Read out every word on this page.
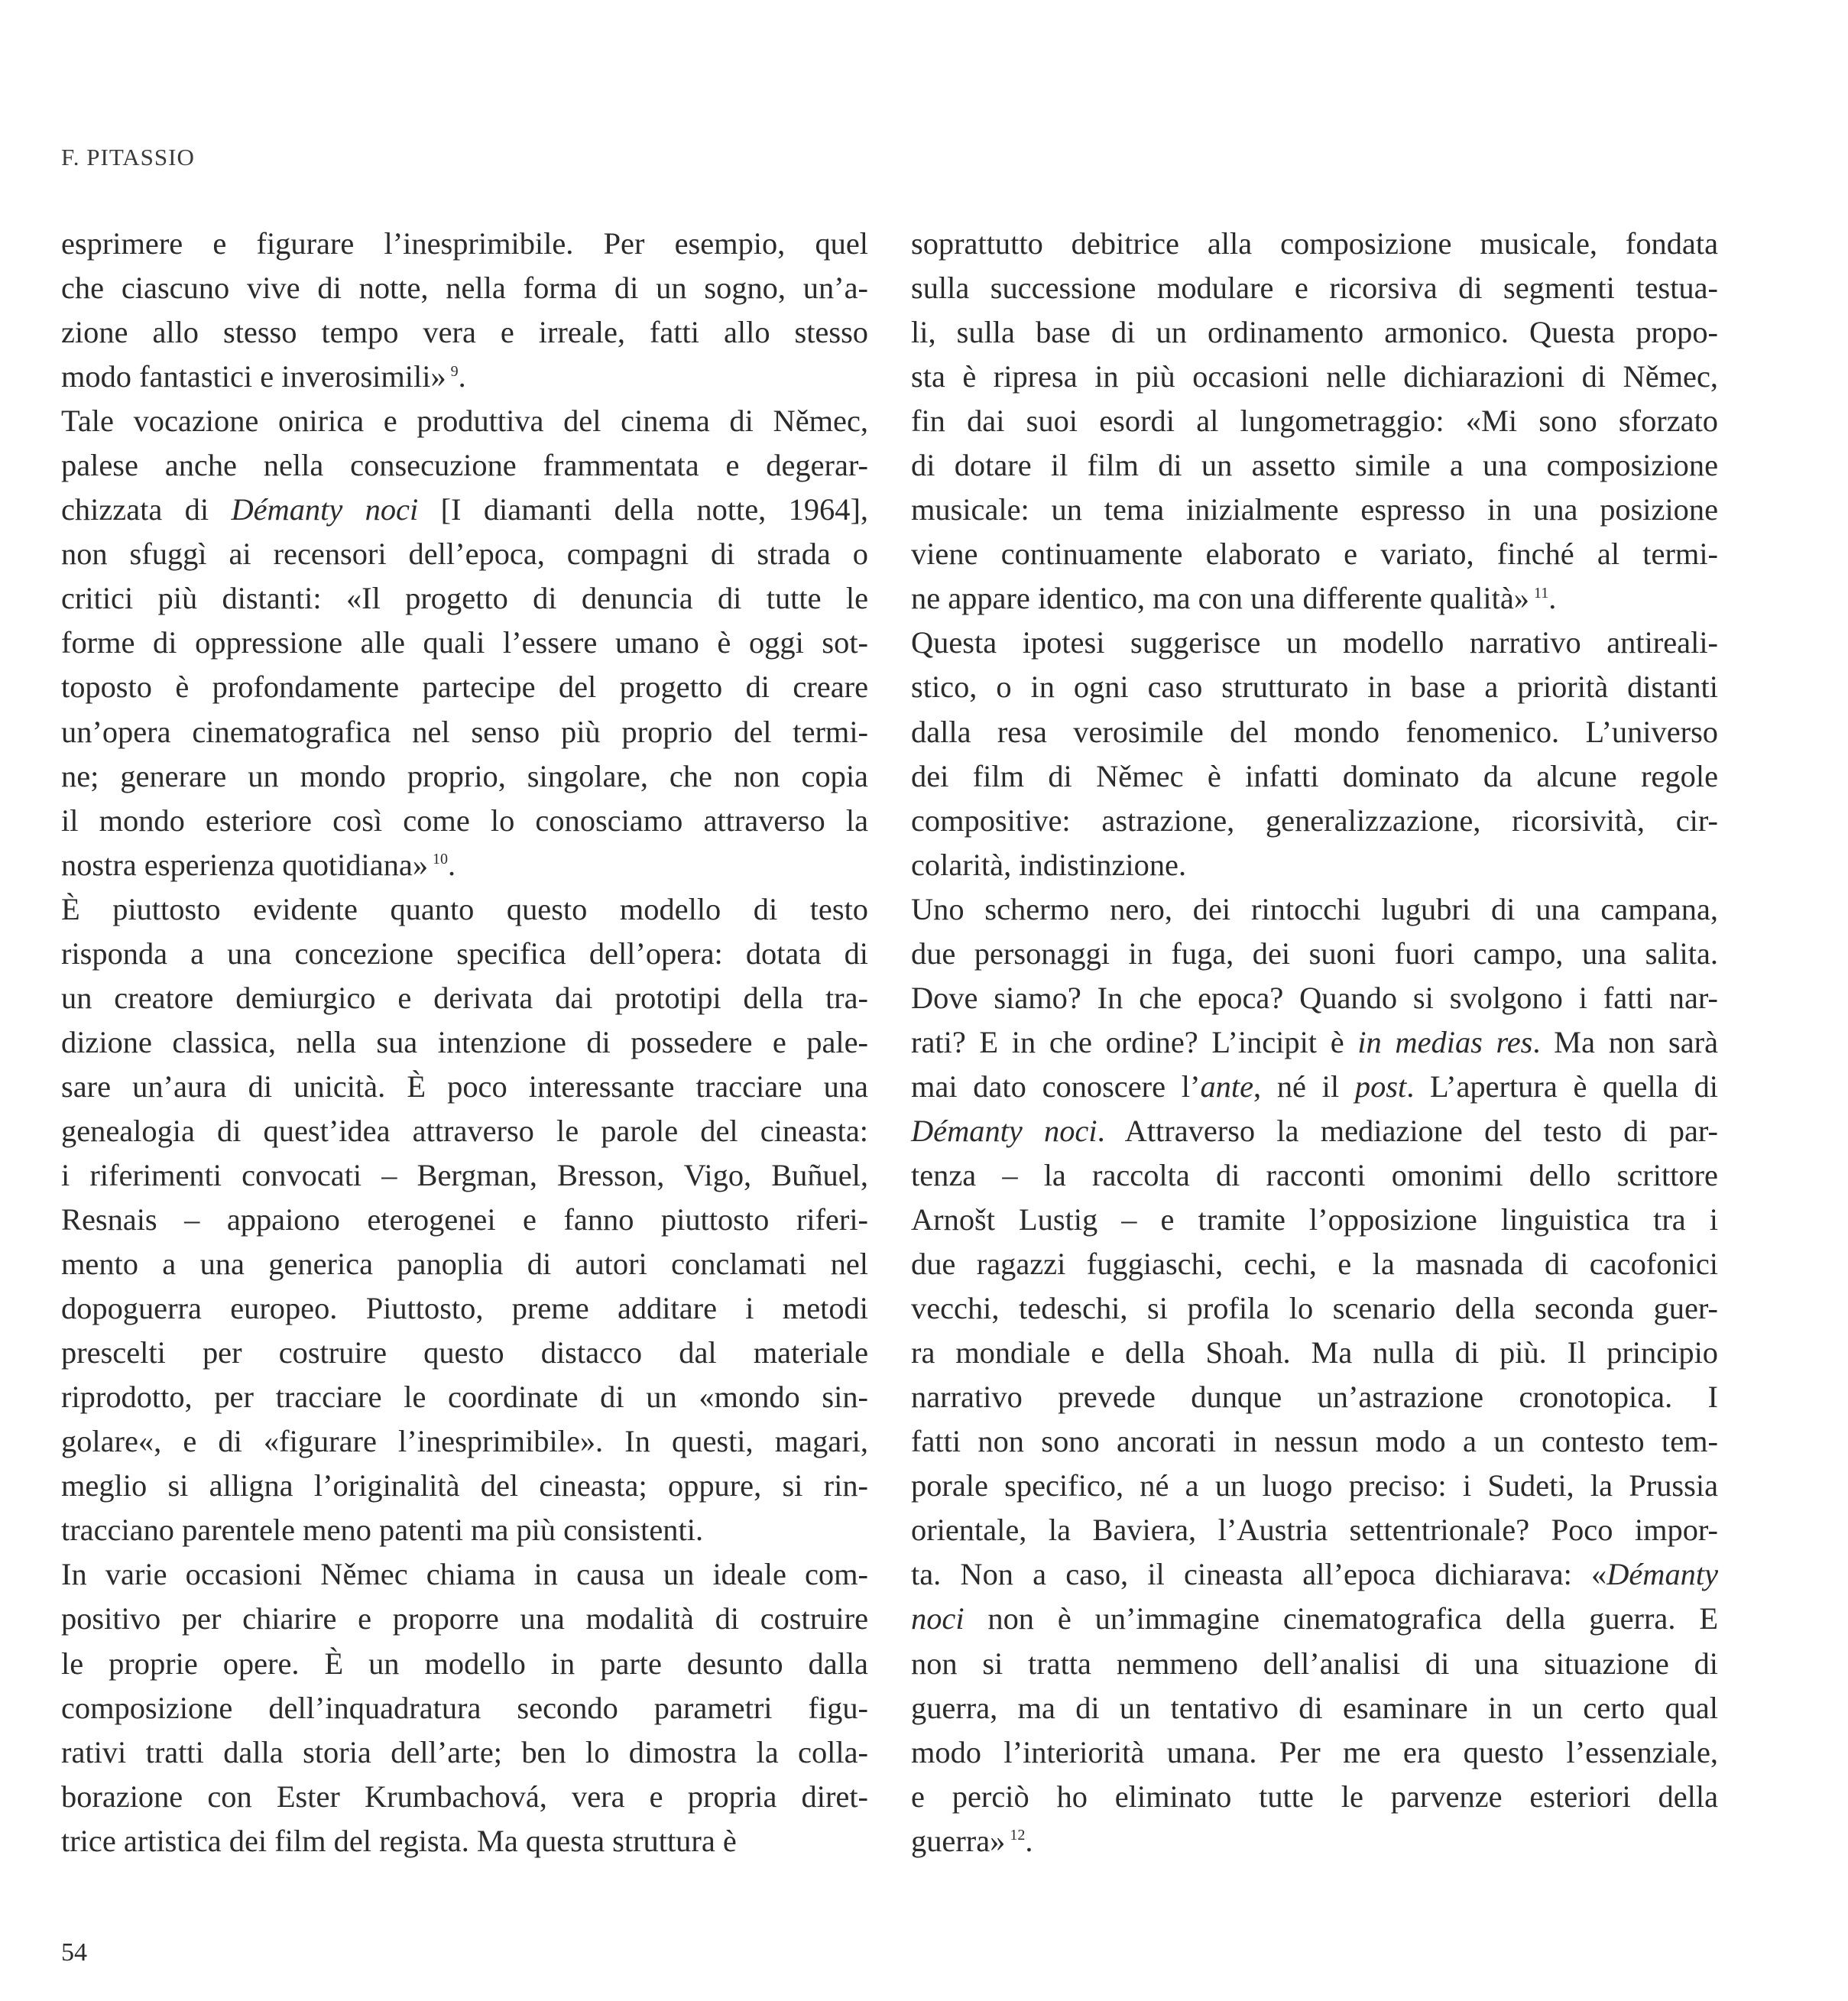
F. PITASSIO
esprimere e figurare l’inesprimibile. Per esempio, quel
che ciascuno vive di notte, nella forma di un sogno, un’a-
zione allo stesso tempo vera e irreale, fatti allo stesso
modo fantastici e inverosimili» $^9$.
Tale vocazione onirica e produttiva del cinema di Němec,
palese anche nella consecuzione frammentata e degerar-
chizzata di Démanty noci [I diamanti della notte, 1964],
non sfuggì ai recensori dell’epoca, compagni di strada o
critici più distanti: «Il progetto di denuncia di tutte le
forme di oppressione alle quali l’essere umano è oggi sot-
toposto è profondamente partecipe del progetto di creare
un’opera cinematografica nel senso più proprio del termi-
ne; generare un mondo proprio, singolare, che non copia
il mondo esteriore così come lo conosciamo attraverso la
nostra esperienza quotidiana» $^{10}$.
È piuttosto evidente quanto questo modello di testo
risponda a una concezione specifica dell’opera: dotata di
un creatore demiurgico e derivata dai prototipi della tra-
dizione classica, nella sua intenzione di possedere e pale-
sare un’aura di unicità. È poco interessante tracciare una
genealogia di quest’idea attraverso le parole del cineasta:
i riferimenti convocati – Bergman, Bresson, Vigo, Buñuel,
Resnais – appaiono eterogenei e fanno piuttosto riferi-
mento a una generica panoplia di autori conclamati nel
dopoguerra europeo. Piuttosto, preme additare i metodi
prescelti per costruire questo distacco dal materiale
riprodotto, per tracciare le coordinate di un «mondo sin-
golare«, e di «figurare l’inesprimibile». In questi, magari,
meglio si alligna l’originalità del cineasta; oppure, si rin-
tracciano parentele meno patenti ma più consistenti.
In varie occasioni Němec chiama in causa un ideale com-
positivo per chiarire e proporre una modalità di costruire
le proprie opere. È un modello in parte desunto dalla
composizione dell’inquadratura secondo parametri figu-
rativi tratti dalla storia dell’arte; ben lo dimostra la colla-
borazione con Ester Krumbachová, vera e propria diret-
trice artistica dei film del regista. Ma questa struttura è
soprattutto debitrice alla composizione musicale, fondata
sulla successione modulare e ricorsiva di segmenti testua-
li, sulla base di un ordinamento armonico. Questa propo-
sta è ripresa in più occasioni nelle dichiarazioni di Němec,
fin dai suoi esordi al lungometraggio: «Mi sono sforzato
di dotare il film di un assetto simile a una composizione
musicale: un tema inizialmente espresso in una posizione
viene continuamente elaborato e variato, finché al termi-
ne appare identico, ma con una differente qualità» $^{11}$.
Questa ipotesi suggerisce un modello narrativo antireali-
stico, o in ogni caso strutturato in base a priorità distanti
dalla resa verosimile del mondo fenomenico. L’universo
dei film di Němec è infatti dominato da alcune regole
compositive: astrazione, generalizzazione, ricorsività, cir-
colarità, indistinzione.
Uno schermo nero, dei rintocchi lugubri di una campana,
due personaggi in fuga, dei suoni fuori campo, una salita.
Dove siamo? In che epoca? Quando si svolgono i fatti nar-
rati? E in che ordine? L’incipit è in medias res. Ma non sarà
mai dato conoscere l’ante, né il post. L’apertura è quella di
Démanty noci. Attraverso la mediazione del testo di par-
tenza – la raccolta di racconti omonimi dello scrittore
Arnošt Lustig – e tramite l’opposizione linguistica tra i
due ragazzi fuggiaschi, cechi, e la masnada di cacofonici
vecchi, tedeschi, si profila lo scenario della seconda guer-
ra mondiale e della Shoah. Ma nulla di più. Il principio
narrativo prevede dunque un’astrazione cronotopica. I
fatti non sono ancorati in nessun modo a un contesto tem-
porale specifico, né a un luogo preciso: i Sudeti, la Prussia
orientale, la Baviera, l’Austria settentrionale? Poco impor-
ta. Non a caso, il cineasta all’epoca dichiarava: «Démanty
noci non è un’immagine cinematografica della guerra. E
non si tratta nemmeno dell’analisi di una situazione di
guerra, ma di un tentativo di esaminare in un certo qual
modo l’interiorità umana. Per me era questo l’essenziale,
e perciò ho eliminato tutte le parvenze esteriori della
guerra» $^{12}$.
54
